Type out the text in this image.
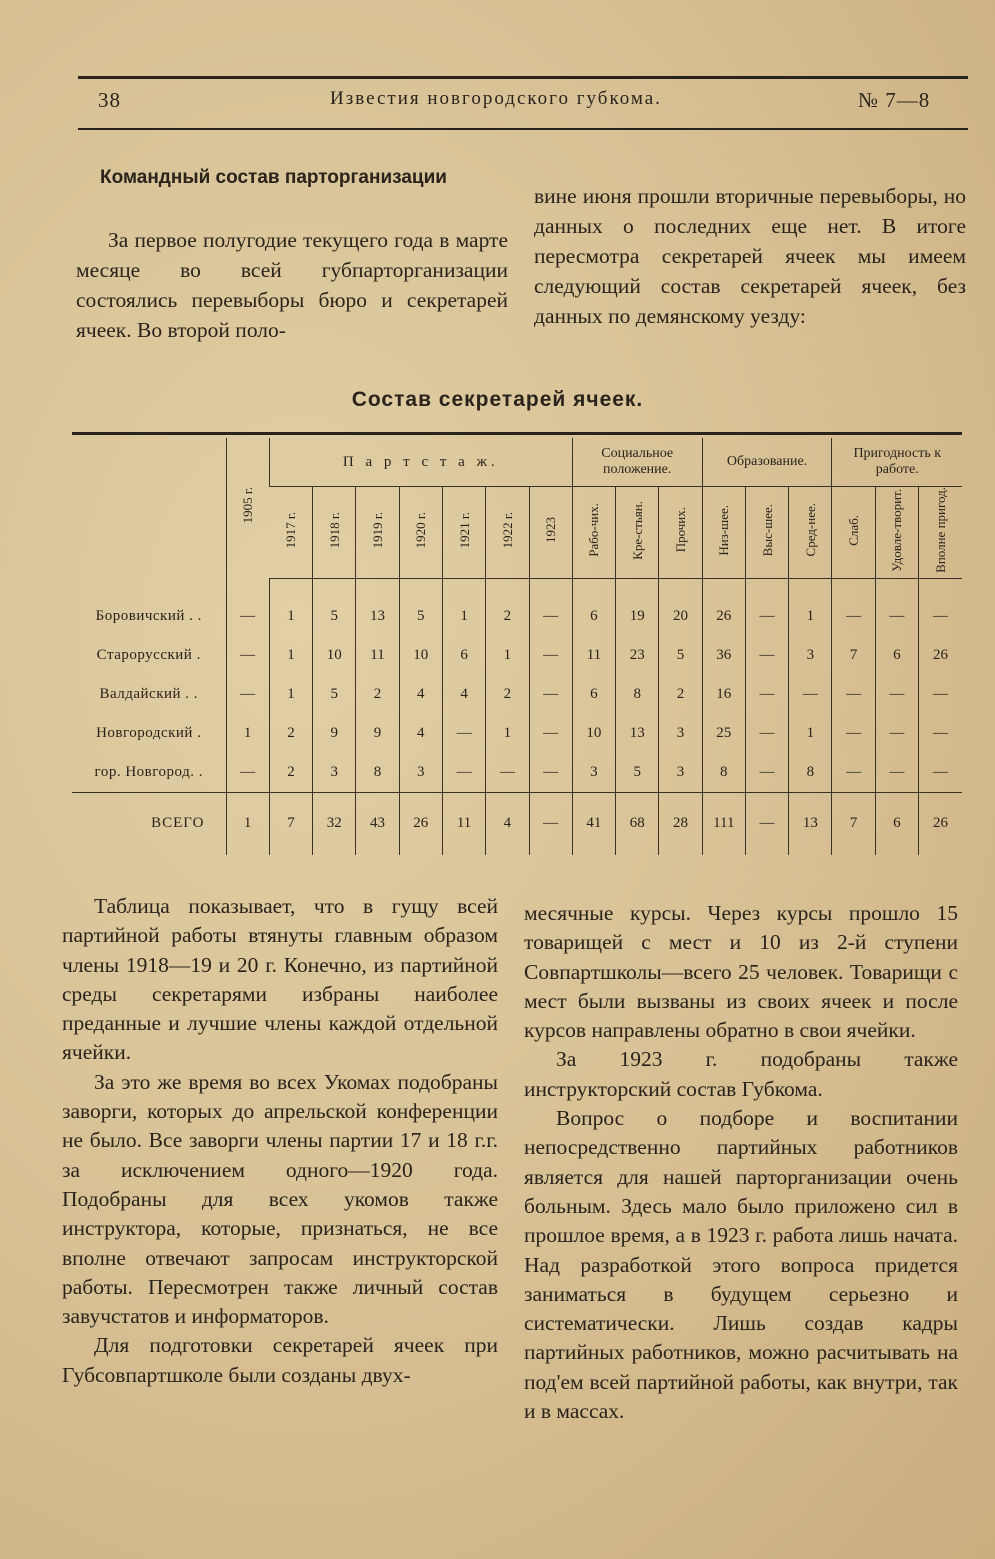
38	Известия новгородского губкома.	№ 7—8
Командный состав парторганизации

За первое полугодие текущего года в марте месяце во всей губпарторганизации состоялись перевыборы бюро и секретарей ячеек. Во второй поло-

вине июня прошли вторичные перевыборы, но данных о последних еще нет. В итоге пересмотра секретарей ячеек мы имеем следующий состав секретарей ячеек, без данных по демянскому уезду:

Состав секретарей ячеек.
	1905 г.	П а р т с т а ж.							Социальное положение.			Образование.			Пригодность к работе.		
		1917 г.	1918 г.	1919 г.	1920 г.	1921 г.	1922 г.	1923	Рабо-чих.	Кре-стьян.	Прочих.	Низ-шее.	Выс-шее.	Сред-нее.	Слаб.	Удовле-творит.	Вполне пригод.
Боровичский . .	—	1	5	13	5	1	2	—	6	19	20	26	—	1	—	—	—
Старорусский .	—	1	10	11	10	6	1	—	11	23	5	36	—	3	7	6	26
Валдайский . .	—	1	5	2	4	4	2	—	6	8	2	16	—	—	—	—	—
Новгородский .	1	2	9	9	4	—	1	—	10	13	3	25	—	1	—	—	—
гор. Новгород. .	—	2	3	8	3	—	—	—	3	5	3	8	—	8	—	—	—
ВСЕГО	1	7	32	43	26	11	4	—	41	68	28	111	—	13	7	6	26

Таблица показывает, что в гущу всей партийной работы втянуты главным образом члены 1918—19 и 20 г. Конечно, из партийной среды секретарями избраны наиболее преданные и лучшие члены каждой отдельной ячейки.

За это же время во всех Укомах подобраны заворги, которых до апрельской конференции не было. Все заворги члены партии 17 и 18 г.г. за исключением одного—1920 года. Подобраны для всех укомов также инструктора, которые, признаться, не все вполне отвечают запросам инструкторской работы. Пересмотрен также личный состав завучстатов и информаторов.

Для подготовки секретарей ячеек при Губсовпартшколе были созданы двух-

месячные курсы. Через курсы прошло 15 товарищей с мест и 10 из 2-й ступени Совпартшколы—всего 25 человек. Товарищи с мест были вызваны из своих ячеек и после курсов направлены обратно в свои ячейки.

За 1923 г. подобраны также инструкторский состав Губкома.

Вопрос о подборе и воспитании непосредственно партийных работников является для нашей парторганизации очень больным. Здесь мало было приложено сил в прошлое время, а в 1923 г. работа лишь начата. Над разработкой этого вопроса придется заниматься в будущем серьезно и систематически. Лишь создав кадры партийных работников, можно расчитывать на под'ем всей партийной работы, как внутри, так и в массах.
